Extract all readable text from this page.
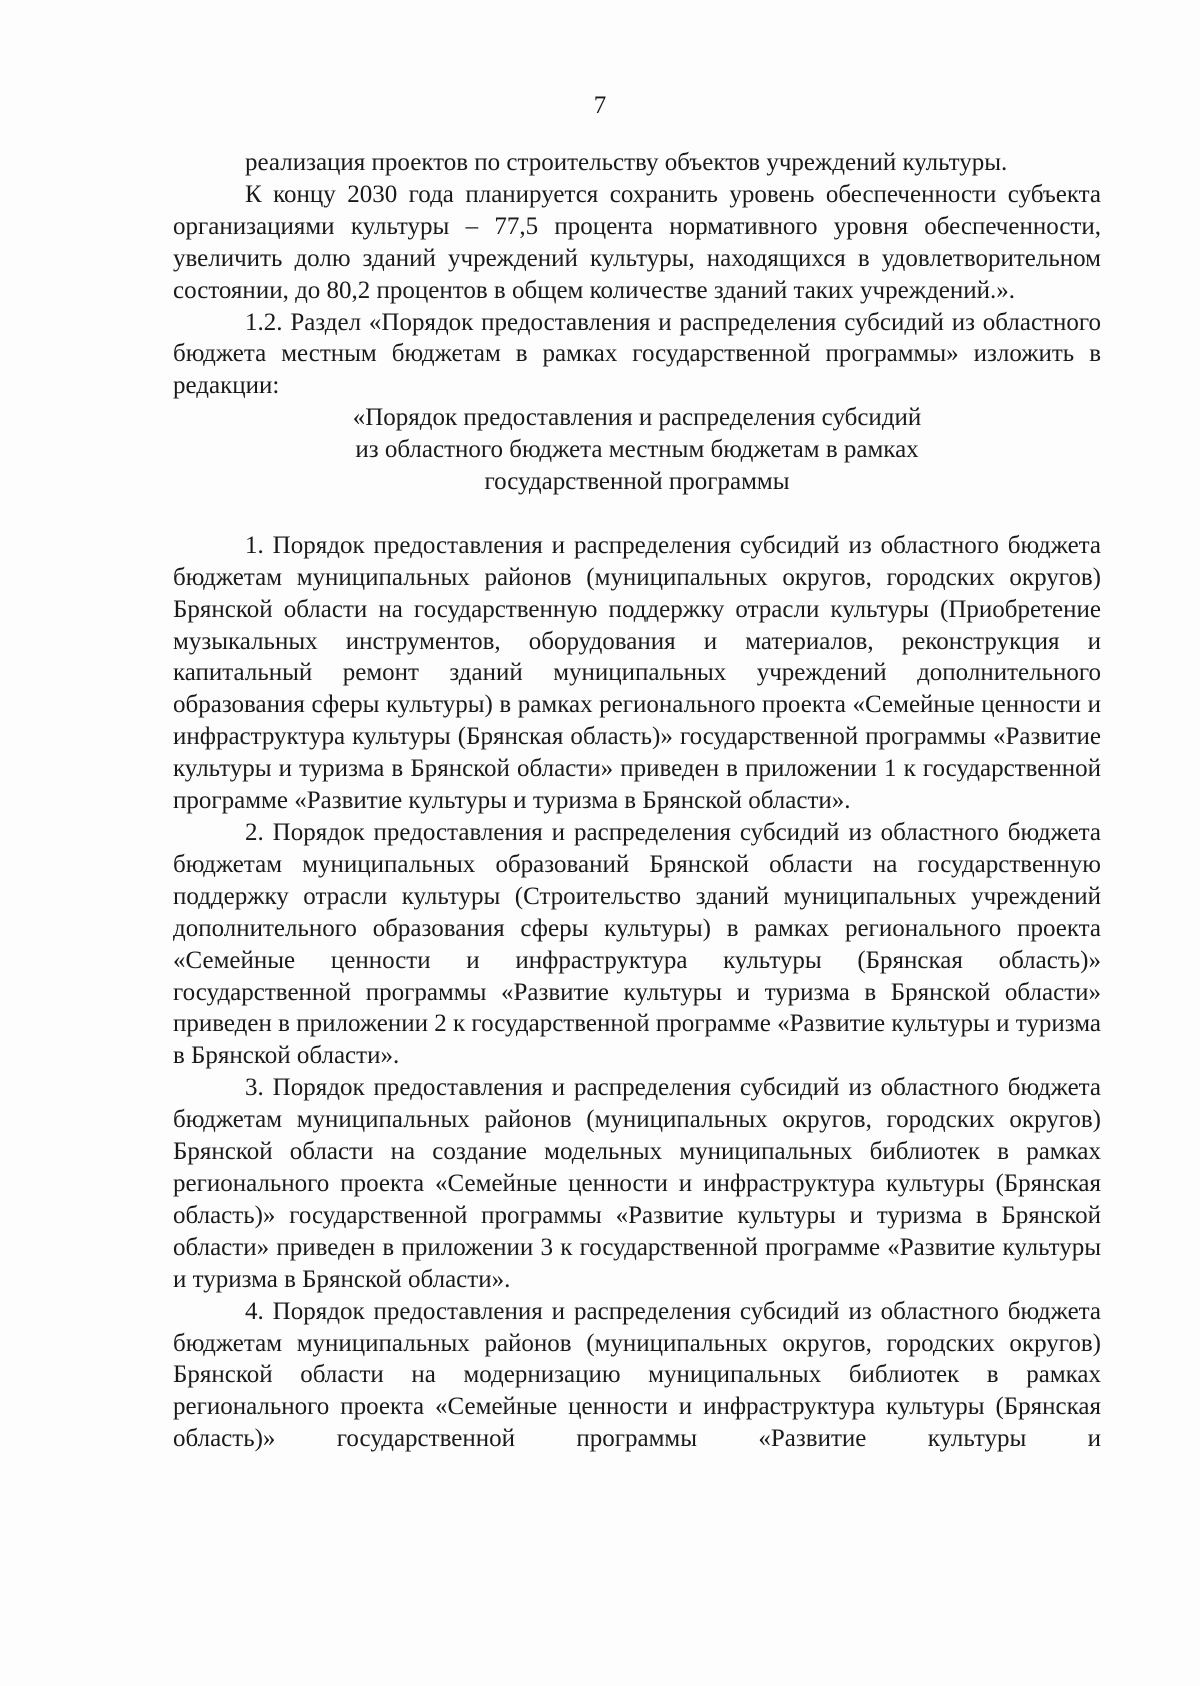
7

реализация проектов по строительству объектов учреждений культуры.

К концу 2030 года планируется сохранить уровень обеспеченности субъекта организациями культуры – 77,5 процента нормативного уровня обеспеченности, увеличить долю зданий учреждений культуры, находящихся в удовлетворительном состоянии, до 80,2 процентов в общем количестве зданий таких учреждений.».

1.2. Раздел «Порядок предоставления и распределения субсидий из областного бюджета местным бюджетам в рамках государственной программы» изложить в редакции:

«Порядок предоставления и распределения субсидий
из областного бюджета местным бюджетам в рамках
государственной программы

1. Порядок предоставления и распределения субсидий из областного бюджета бюджетам муниципальных районов (муниципальных округов, городских округов) Брянской области на государственную поддержку отрасли культуры (Приобретение музыкальных инструментов, оборудования и материалов, реконструкция и капитальный ремонт зданий муниципальных учреждений дополнительного образования сферы культуры) в рамках регионального проекта «Семейные ценности и инфраструктура культуры (Брянская область)» государственной программы «Развитие культуры и туризма в Брянской области» приведен в приложении 1 к государственной программе «Развитие культуры и туризма в Брянской области».

2. Порядок предоставления и распределения субсидий из областного бюджета бюджетам муниципальных образований Брянской области на государственную поддержку отрасли культуры (Строительство зданий муниципальных учреждений дополнительного образования сферы культуры) в рамках регионального проекта «Семейные ценности и инфраструктура культуры (Брянская область)» государственной программы «Развитие культуры и туризма в Брянской области» приведен в приложении 2 к государственной программе «Развитие культуры и туризма в Брянской области».

3. Порядок предоставления и распределения субсидий из областного бюджета бюджетам муниципальных районов (муниципальных округов, городских округов) Брянской области на создание модельных муниципальных библиотек в рамках регионального проекта «Семейные ценности и инфраструктура культуры (Брянская область)» государственной программы «Развитие культуры и туризма в Брянской области» приведен в приложении 3 к государственной программе «Развитие культуры и туризма в Брянской области».

4. Порядок предоставления и распределения субсидий из областного бюджета бюджетам муниципальных районов (муниципальных округов, городских округов) Брянской области на модернизацию муниципальных библиотек в рамках регионального проекта «Семейные ценности и инфраструктура культуры (Брянская область)» государственной программы «Развитие культуры и
